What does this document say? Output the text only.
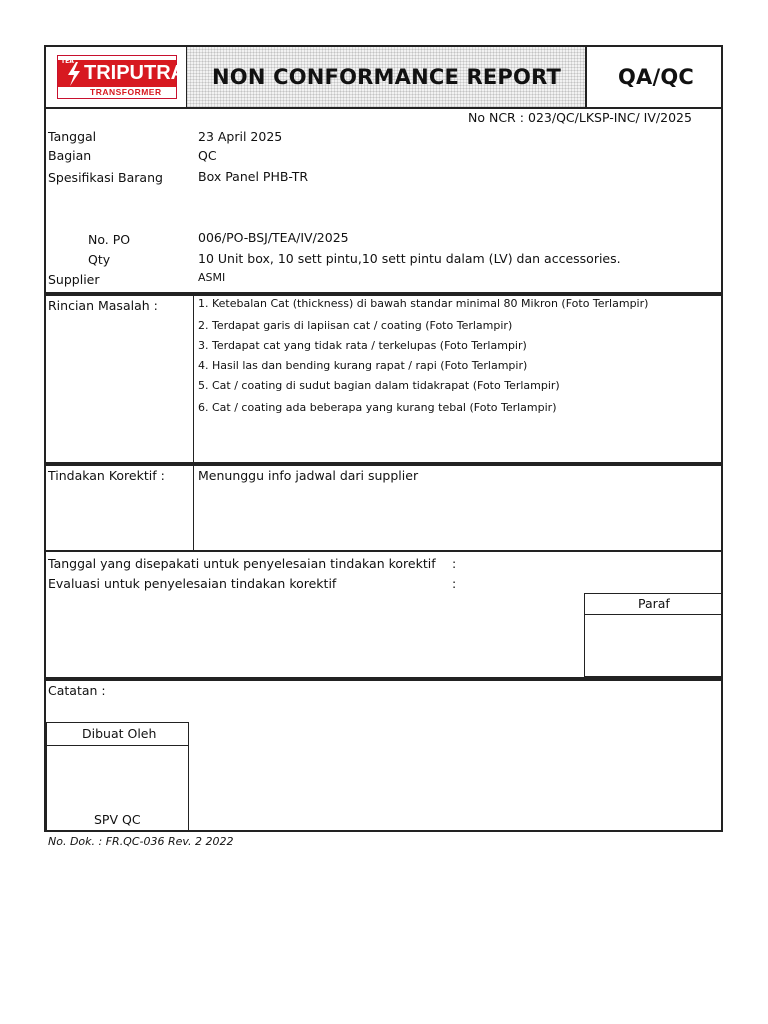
TEA
TRIPUTRA
TRANSFORMER
NON CONFORMANCE REPORT	QA/QC
No NCR : 023/QC/LKSP-INC/ IV/2025
Tanggal	23 April 2025
Bagian	QC
Spesifikasi Barang	Box Panel PHB-TR
No. PO	006/PO-BSJ/TEA/IV/2025
Qty	10 Unit box, 10 sett pintu,10 sett pintu dalam (LV) dan accessories.
Supplier	ASMI
Rincian Masalah :	1. Ketebalan Cat (thickness) di bawah standar minimal 80 Mikron (Foto Terlampir)
2. Terdapat garis di lapiisan cat / coating (Foto Terlampir)
3. Terdapat cat yang tidak rata / terkelupas (Foto Terlampir)
4. Hasil las dan bending kurang rapat / rapi (Foto Terlampir)
5. Cat / coating di sudut bagian dalam tidakrapat (Foto Terlampir)
6. Cat / coating ada beberapa yang kurang tebal (Foto Terlampir)
Tindakan Korektif :	Menunggu info jadwal dari supplier
Tanggal yang disepakati untuk penyelesaian tindakan korektif :
Evaluasi untuk penyelesaian tindakan korektif	:
Paraf
Catatan :
Dibuat Oleh
SPV QC
No. Dok. : FR.QC-036 Rev. 2 2022
